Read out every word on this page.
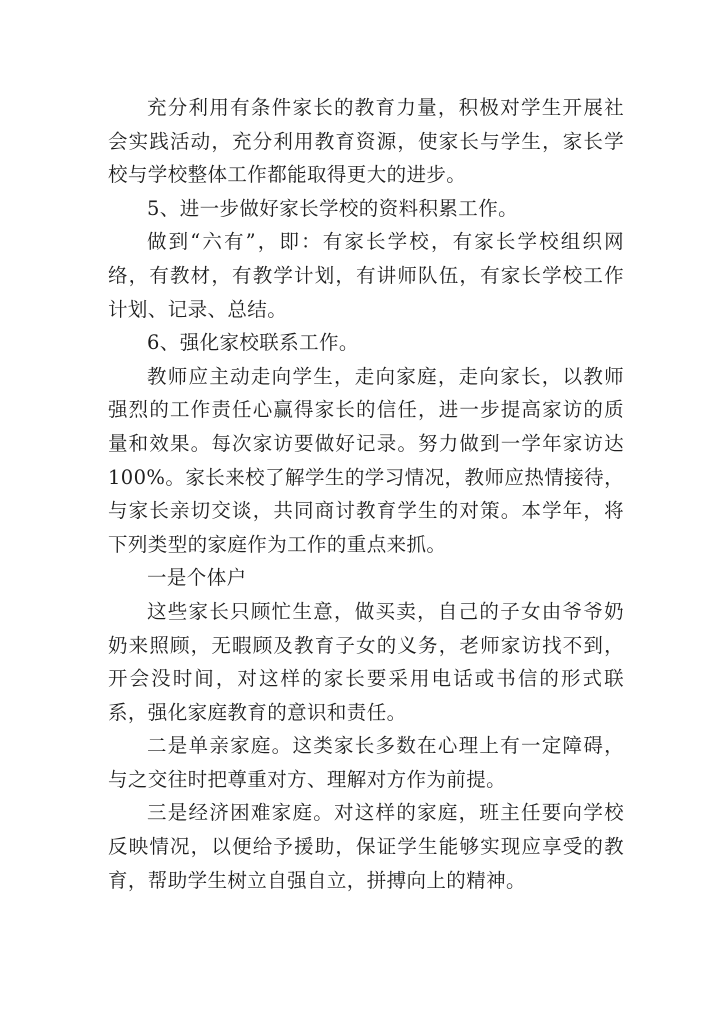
充分利用有条件家长的教育力量，积极对学生开展社会实践活动，充分利用教育资源，使家长与学生，家长学校与学校整体工作都能取得更大的进步。

5、进一步做好家长学校的资料积累工作。

做到“六有”，即：有家长学校，有家长学校组织网络，有教材，有教学计划，有讲师队伍，有家长学校工作计划、记录、总结。

6、强化家校联系工作。

教师应主动走向学生，走向家庭，走向家长，以教师强烈的工作责任心赢得家长的信任，进一步提高家访的质量和效果。每次家访要做好记录。努力做到一学年家访达 100%。家长来校了解学生的学习情况，教师应热情接待，与家长亲切交谈，共同商讨教育学生的对策。本学年，将下列类型的家庭作为工作的重点来抓。

一是个体户

这些家长只顾忙生意，做买卖，自己的子女由爷爷奶奶来照顾，无暇顾及教育子女的义务，老师家访找不到，开会没时间，对这样的家长要采用电话或书信的形式联系，强化家庭教育的意识和责任。

二是单亲家庭。这类家长多数在心理上有一定障碍，与之交往时把尊重对方、理解对方作为前提。

三是经济困难家庭。对这样的家庭，班主任要向学校反映情况，以便给予援助，保证学生能够实现应享受的教育，帮助学生树立自强自立，拼搏向上的精神。
